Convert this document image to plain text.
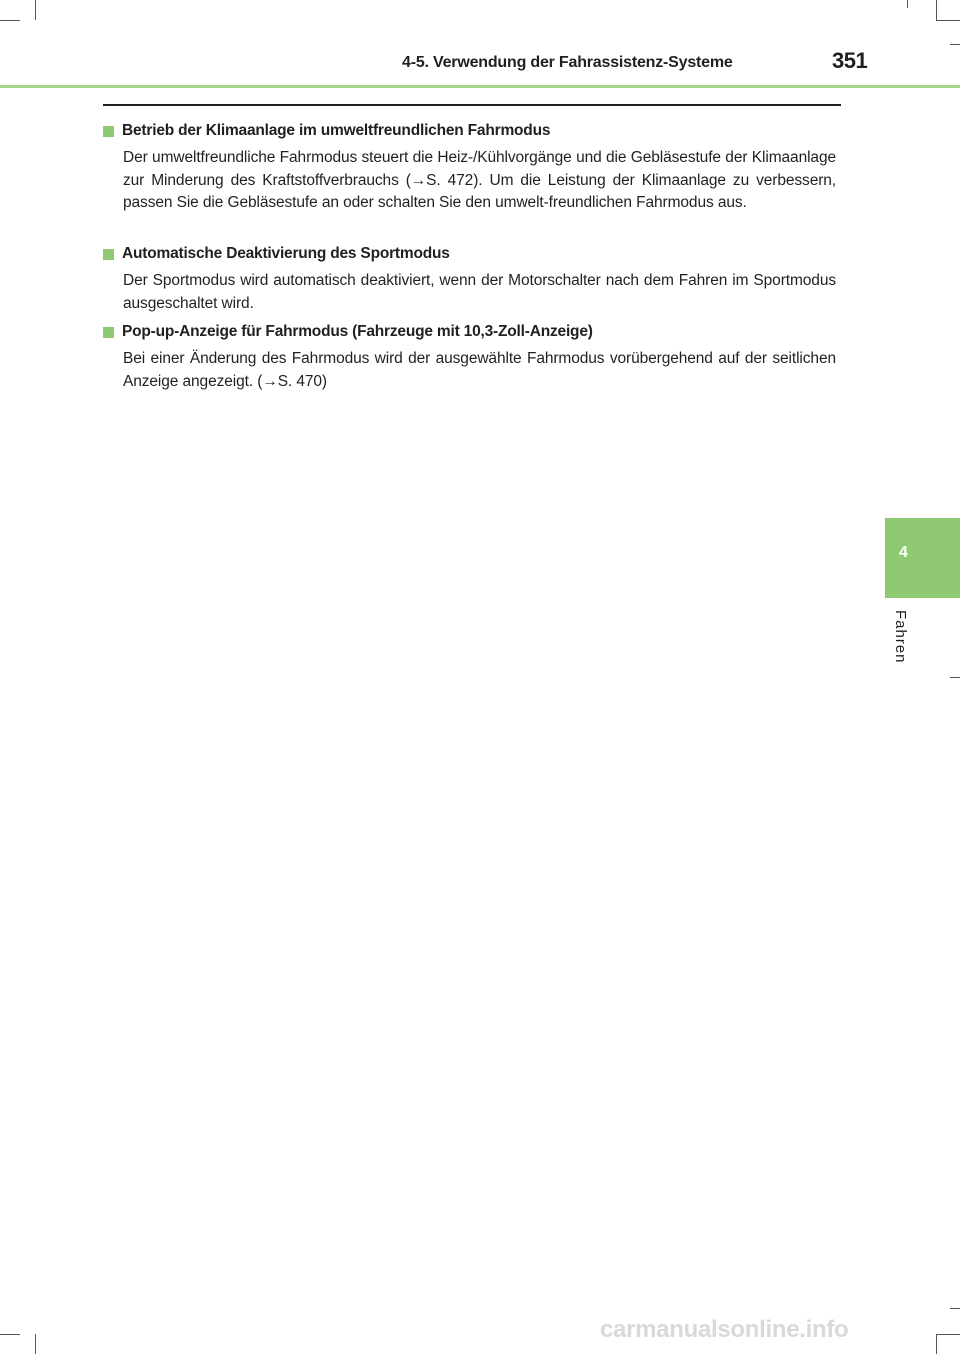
4-5. Verwendung der Fahrassistenz-Systeme	351
Betrieb der Klimaanlage im umweltfreundlichen Fahrmodus
Der umweltfreundliche Fahrmodus steuert die Heiz-/Kühlvorgänge und die Gebläsestufe der Klimaanlage zur Minderung des Kraftstoffverbrauchs (→S. 472). Um die Leistung der Klimaanlage zu verbessern, passen Sie die Gebläsestufe an oder schalten Sie den umwelt-freundlichen Fahrmodus aus.
Automatische Deaktivierung des Sportmodus
Der Sportmodus wird automatisch deaktiviert, wenn der Motorschalter nach dem Fahren im Sportmodus ausgeschaltet wird.
Pop-up-Anzeige für Fahrmodus (Fahrzeuge mit 10,3-Zoll-Anzeige)
Bei einer Änderung des Fahrmodus wird der ausgewählte Fahrmodus vorübergehend auf der seitlichen Anzeige angezeigt. (→S. 470)
4
Fahren
carmanualsonline.info
